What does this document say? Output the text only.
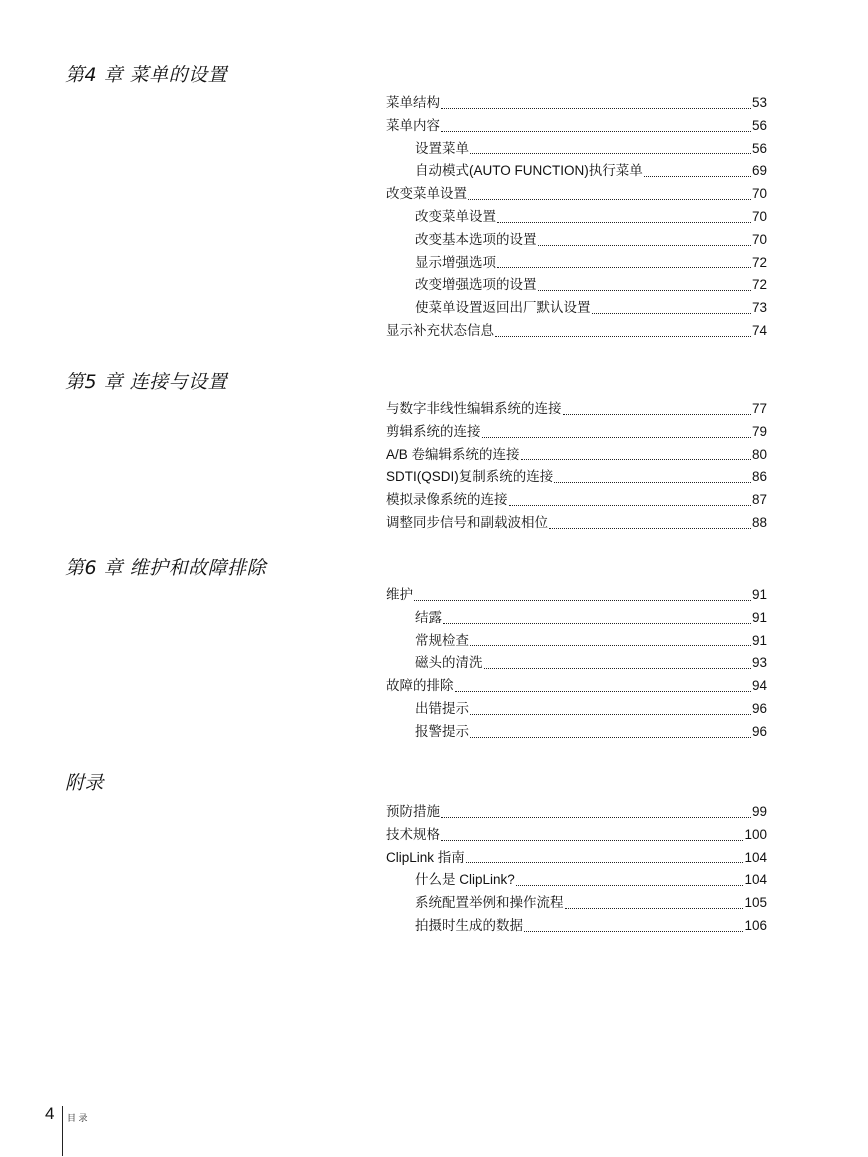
第4 章 菜单的设置
菜单结构	53
菜单内容	56
设置菜单	56
自动模式(AUTO FUNCTION)执行菜单	69
改变菜单设置	70
改变菜单设置	70
改变基本选项的设置	70
显示增强选项	72
改变增强选项的设置	72
使菜单设置返回出厂默认设置	73
显示补充状态信息	74
第5 章 连接与设置
与数字非线性编辑系统的连接	77
剪辑系统的连接	79
A/B 卷编辑系统的连接	80
SDTI(QSDI)复制系统的连接	86
模拟录像系统的连接	87
调整同步信号和副载波相位	88
第6 章 维护和故障排除
维护	91
结露	91
常规检查	91
磁头的清洗	93
故障的排除	94
出错提示	96
报警提示	96
附录
预防措施	99
技术规格	100
ClipLink 指南	104
什么是 ClipLink?	104
系统配置举例和操作流程	105
拍摄时生成的数据	106
4 目 录
